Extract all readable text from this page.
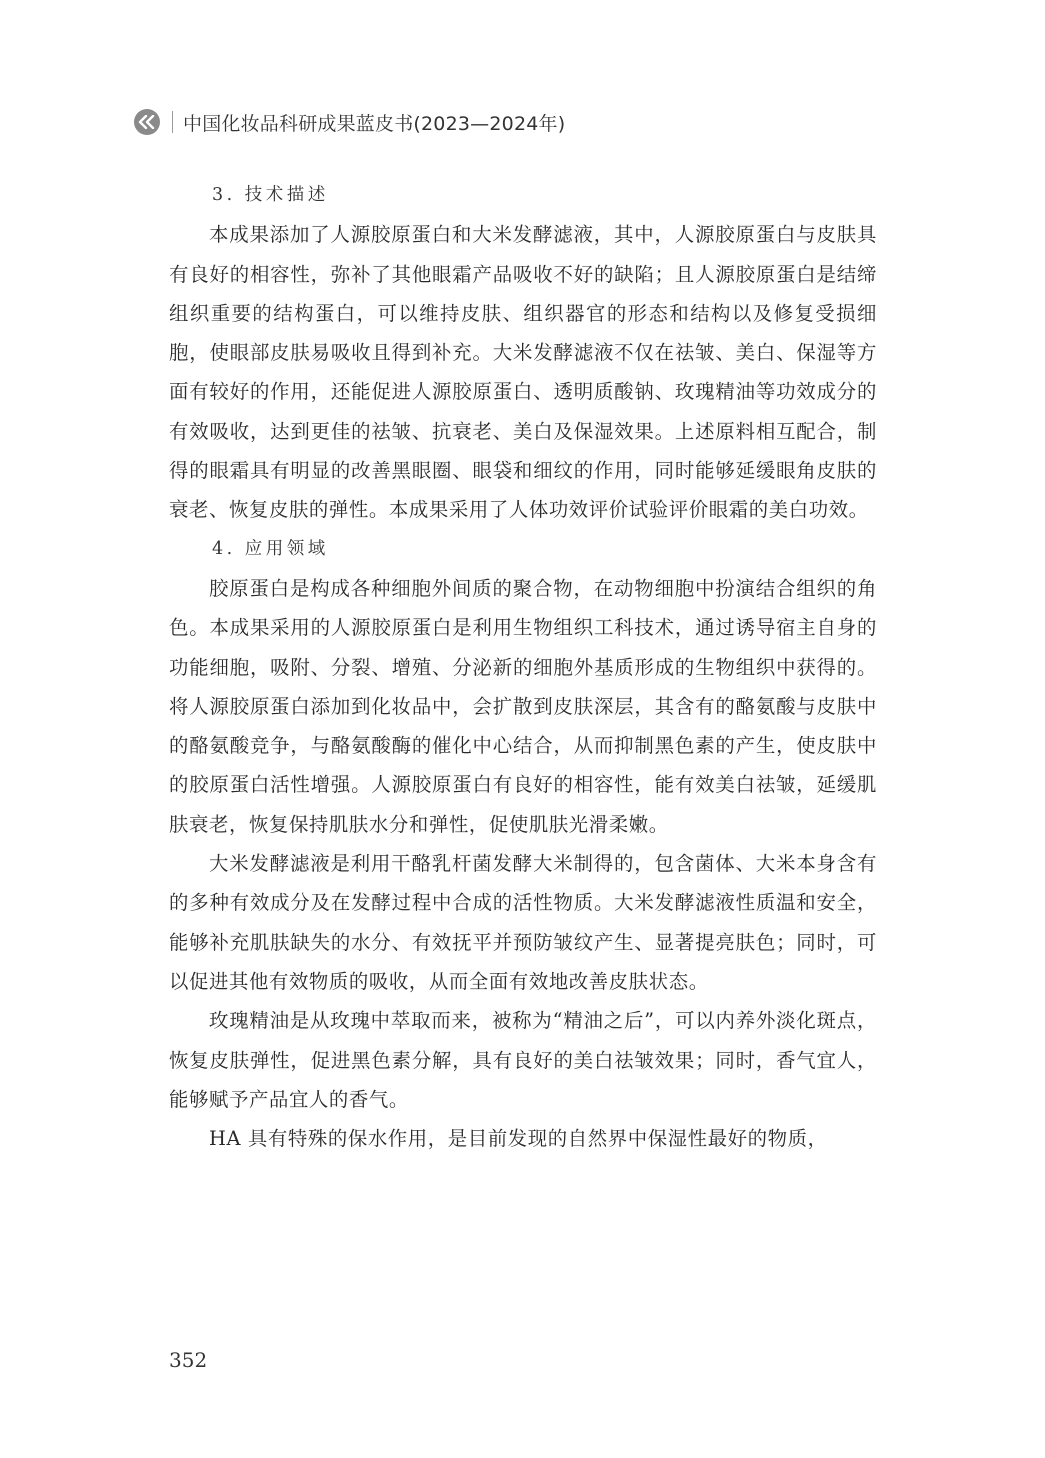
中国化妆品科研成果蓝皮书(2023—2024年)

3. 技术描述

本成果添加了人源胶原蛋白和大米发酵滤液，其中，人源胶原蛋白与皮肤具有良好的相容性，弥补了其他眼霜产品吸收不好的缺陷；且人源胶原蛋白是结缔组织重要的结构蛋白，可以维持皮肤、组织器官的形态和结构以及修复受损细胞，使眼部皮肤易吸收且得到补充。大米发酵滤液不仅在祛皱、美白、保湿等方面有较好的作用，还能促进人源胶原蛋白、透明质酸钠、玫瑰精油等功效成分的有效吸收，达到更佳的祛皱、抗衰老、美白及保湿效果。上述原料相互配合，制得的眼霜具有明显的改善黑眼圈、眼袋和细纹的作用，同时能够延缓眼角皮肤的衰老、恢复皮肤的弹性。本成果采用了人体功效评价试验评价眼霜的美白功效。

4. 应用领域

胶原蛋白是构成各种细胞外间质的聚合物，在动物细胞中扮演结合组织的角色。本成果采用的人源胶原蛋白是利用生物组织工科技术，通过诱导宿主自身的功能细胞，吸附、分裂、增殖、分泌新的细胞外基质形成的生物组织中获得的。将人源胶原蛋白添加到化妆品中，会扩散到皮肤深层，其含有的酪氨酸与皮肤中的酪氨酸竞争，与酪氨酸酶的催化中心结合，从而抑制黑色素的产生，使皮肤中的胶原蛋白活性增强。人源胶原蛋白有良好的相容性，能有效美白祛皱，延缓肌肤衰老，恢复保持肌肤水分和弹性，促使肌肤光滑柔嫩。

大米发酵滤液是利用干酪乳杆菌发酵大米制得的，包含菌体、大米本身含有的多种有效成分及在发酵过程中合成的活性物质。大米发酵滤液性质温和安全，能够补充肌肤缺失的水分、有效抚平并预防皱纹产生、显著提亮肤色；同时，可以促进其他有效物质的吸收，从而全面有效地改善皮肤状态。

玫瑰精油是从玫瑰中萃取而来，被称为“精油之后”，可以内养外淡化斑点，恢复皮肤弹性，促进黑色素分解，具有良好的美白祛皱效果；同时，香气宜人，能够赋予产品宜人的香气。

HA 具有特殊的保水作用，是目前发现的自然界中保湿性最好的物质，

352
